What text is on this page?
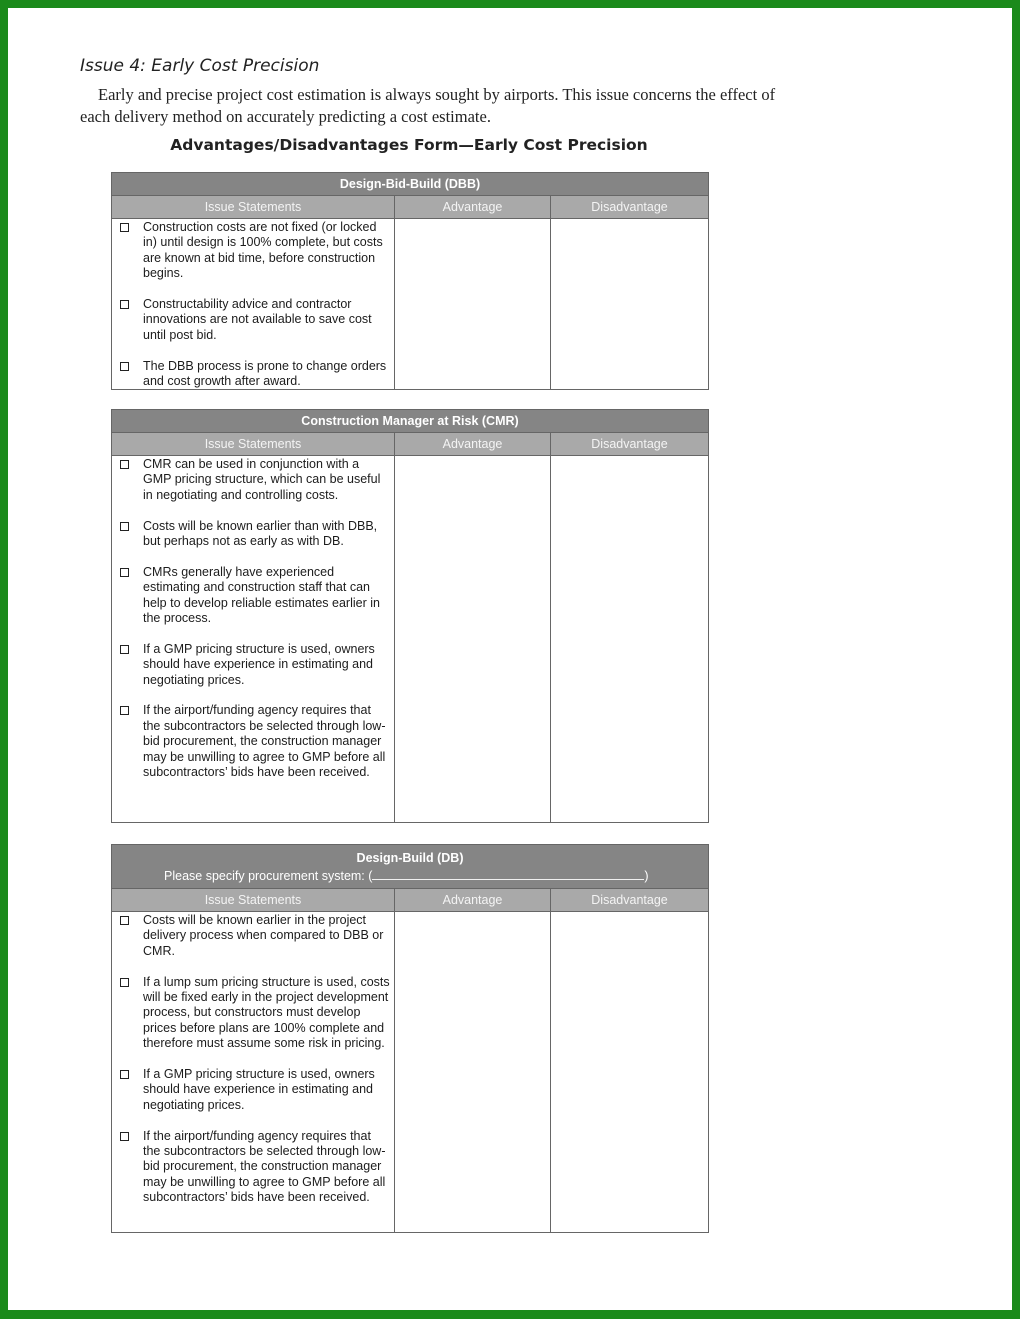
Issue 4: Early Cost Precision

Early and precise project cost estimation is always sought by airports. This issue concerns the effect of each delivery method on accurately predicting a cost estimate.

Advantages/Disadvantages Form—Early Cost Precision
Design-Bid-Build (DBB)		
Issue Statements	Advantage	Disadvantage

Construction costs are not fixed (or locked in) until design is 100% complete, but costs are known at bid time, before construction begins.
Constructability advice and contractor innovations are not available to save cost until post bid.
The DBB process is prone to change orders and cost growth after award.		

Construction Manager at Risk (CMR)		
Issue Statements	Advantage	Disadvantage

CMR can be used in conjunction with a GMP pricing structure, which can be useful in negotiating and controlling costs.
Costs will be known earlier than with DBB, but perhaps not as early as with DB.
CMRs generally have experienced estimating and construction staff that can help to develop reliable estimates earlier in the process.
If a GMP pricing structure is used, owners should have experience in estimating and negotiating prices.
If the airport/funding agency requires that the subcontractors be selected through low-bid procurement, the construction manager may be unwilling to agree to GMP before all subcontractors’ bids have been received.		

Design-Build (DB)
Please specify procurement system: ( )		

Issue Statements	Advantage	Disadvantage

Costs will be known earlier in the project delivery process when compared to DBB or CMR.
If a lump sum pricing structure is used, costs will be fixed early in the project development process, but constructors must develop prices before plans are 100% complete and therefore must assume some risk in pricing.
If a GMP pricing structure is used, owners should have experience in estimating and negotiating prices.
If the airport/funding agency requires that the subcontractors be selected through low-bid procurement, the construction manager may be unwilling to agree to GMP before all subcontractors’ bids have been received.		
